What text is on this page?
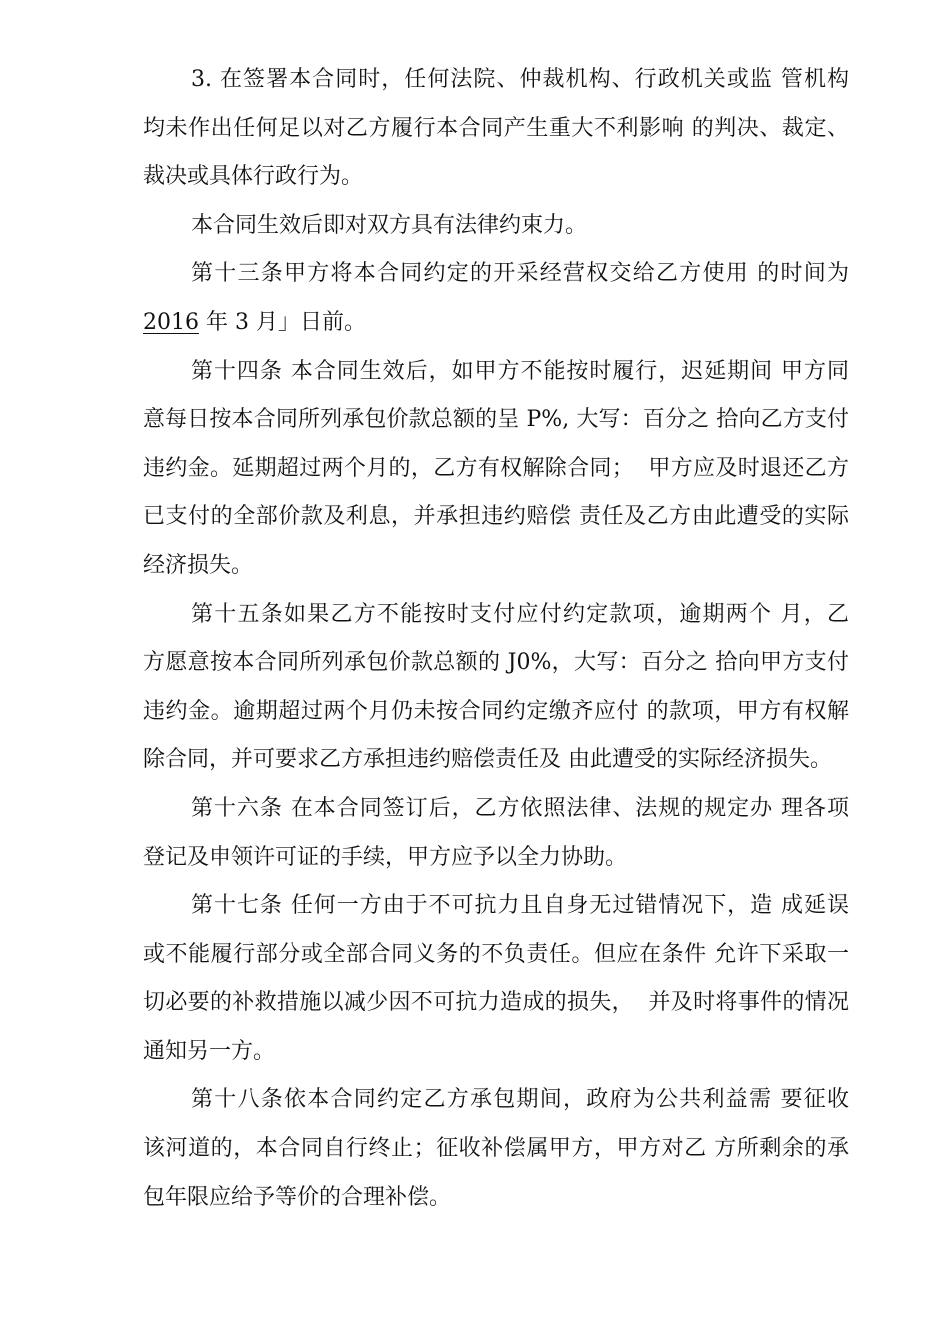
3. 在签署本合同时，任何法院、仲裁机构、行政机关或监 管机构
均未作出任何足以对乙方履行本合同产生重大不利影响 的判决、裁定、
裁决或具体行政行为。
本合同生效后即对双方具有法律约束力。
第十三条甲方将本合同约定的开采经营权交给乙方使用 的时间为
2016 年 3 月」日前。
第十四条 本合同生效后，如甲方不能按时履行，迟延期间 甲方同
意每日按本合同所列承包价款总额的呈 P%, 大写：百分之 拾向乙方支付
违约金。延期超过两个月的，乙方有权解除合同；  甲方应及时退还乙方
已支付的全部价款及利息，并承担违约赔偿 责任及乙方由此遭受的实际
经济损失。
第十五条如果乙方不能按时支付应付约定款项，逾期两个 月，乙
方愿意按本合同所列承包价款总额的 J0%，大写：百分之 拾向甲方支付
违约金。逾期超过两个月仍未按合同约定缴齐应付 的款项，甲方有权解
除合同，并可要求乙方承担违约赔偿责任及 由此遭受的实际经济损失。
第十六条 在本合同签订后，乙方依照法律、法规的规定办 理各项
登记及申领许可证的手续，甲方应予以全力协助。
第十七条 任何一方由于不可抗力且自身无过错情况下，造 成延误
或不能履行部分或全部合同义务的不负责任。但应在条件 允许下采取一
切必要的补救措施以减少因不可抗力造成的损失，  并及时将事件的情况
通知另一方。
第十八条依本合同约定乙方承包期间，政府为公共利益需 要征收
该河道的，本合同自行终止；征收补偿属甲方，甲方对乙 方所剩余的承
包年限应给予等价的合理补偿。
